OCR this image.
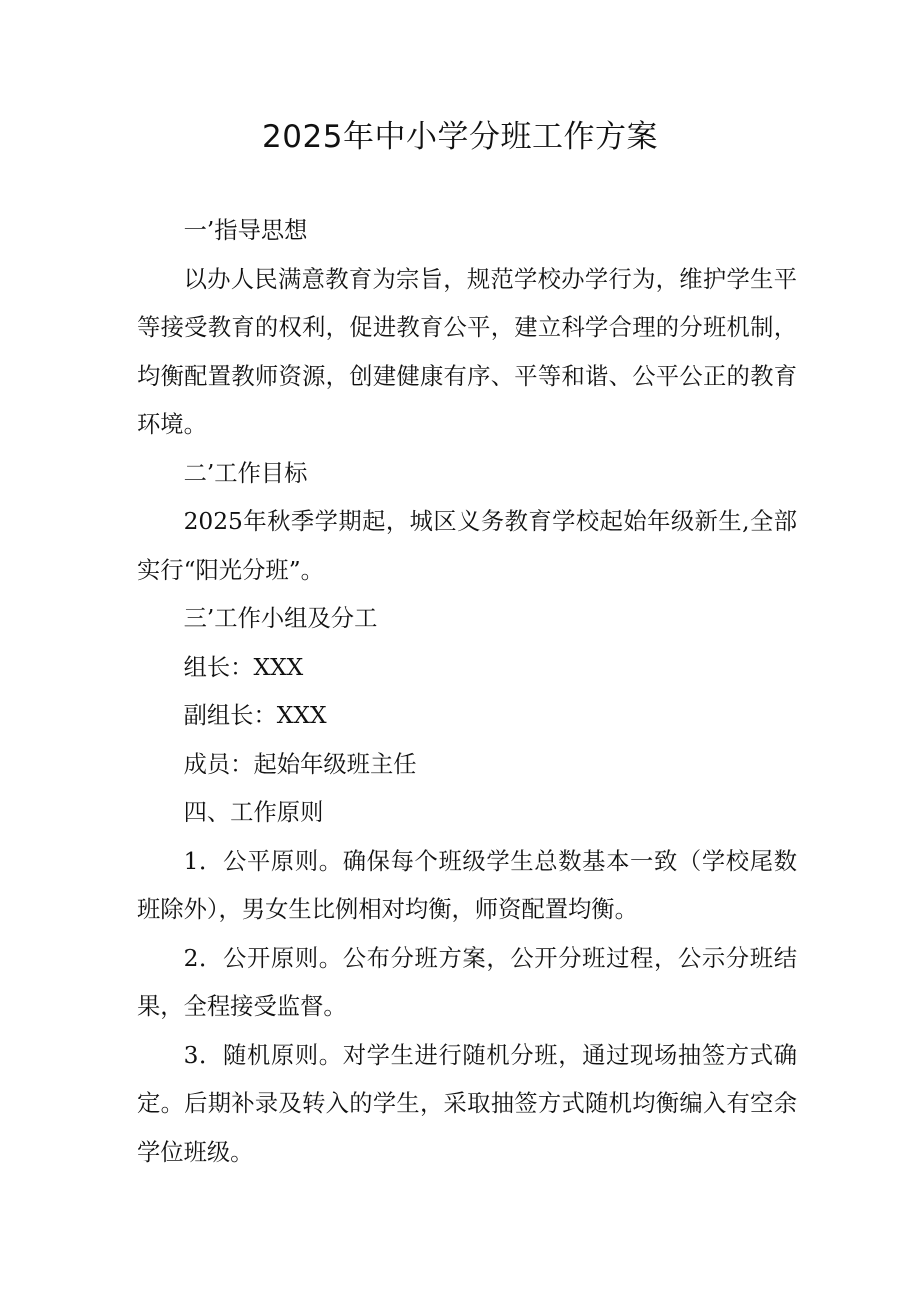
2025年中小学分班工作方案

一’指导思想

以办人民满意教育为宗旨，规范学校办学行为，维护学生平等接受教育的权利，促进教育公平，建立科学合理的分班机制，均衡配置教师资源，创建健康有序、平等和谐、公平公正的教育环境。

二’工作目标

2025年秋季学期起，城区义务教育学校起始年级新生,全部实行“阳光分班”。

三’工作小组及分工

组长：XXX

副组长：XXX

成员：起始年级班主任

四、工作原则

1．公平原则。确保每个班级学生总数基本一致（学校尾数班除外），男女生比例相对均衡，师资配置均衡。

2．公开原则。公布分班方案，公开分班过程，公示分班结果，全程接受监督。

3．随机原则。对学生进行随机分班，通过现场抽签方式确定。后期补录及转入的学生，采取抽签方式随机均衡编入有空余学位班级。
